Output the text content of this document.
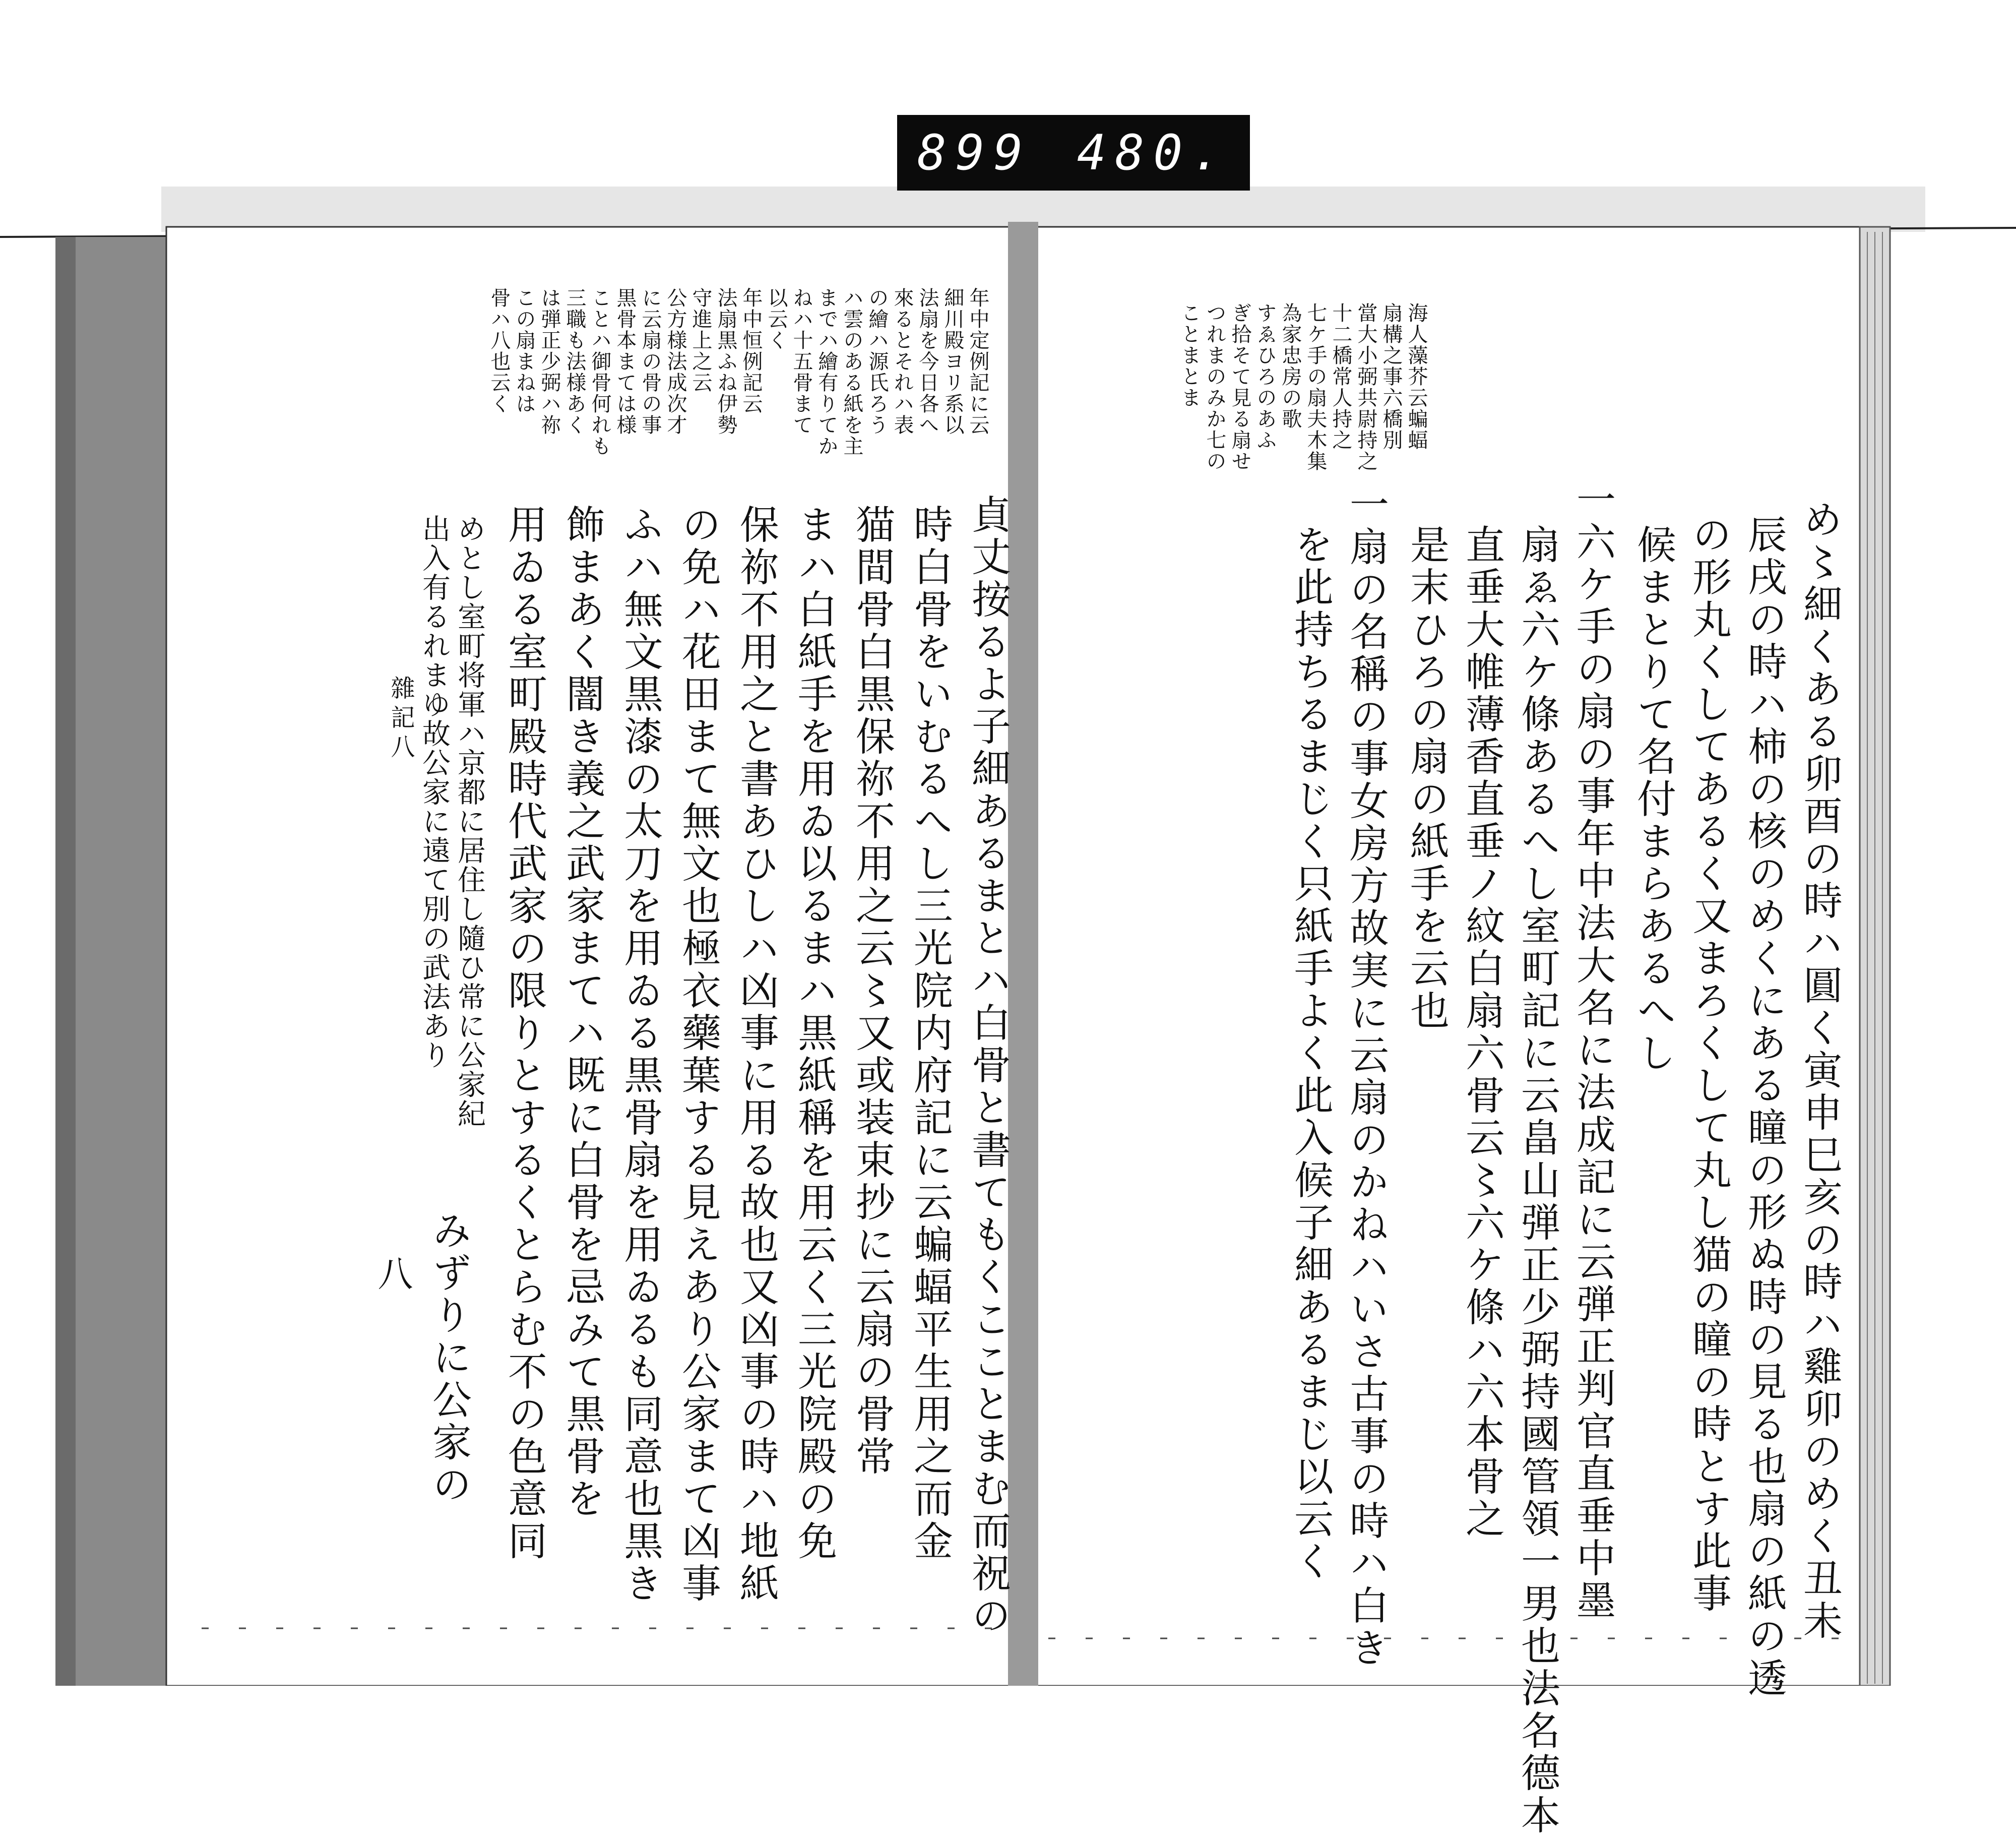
899 480.
海人藻芥云蝙蝠
扇構之事六橋別
當大小弼共尉持之
十二橋常人持之
七ケ手の扇夫木集
為家忠房の歌
すゑひろのあふ
ぎ拾そて見る扇せ
つれまのみか七の
ことまとま
め〻細くある卯酉の時ハ圓く寅申巳亥の時ハ雞卯のめく丑未
辰戌の時ハ柿の核のめくにある瞳の形ぬ時の見る也扇の紙の透
の形丸くしてあるく又まろくして丸し猫の瞳の時とす此事
候まとりて名付まらあるへし
一六ケ手の扇の事年中法大名に法成記に云弾正判官直垂中墨
扇ゑ六ケ條あるへし室町記に云畠山弾正少弼持國管領一男也法名德本
直垂大帷薄香直垂ノ紋白扇六骨云〻六ケ條ハ六本骨之
是末ひろの扇の紙手を云也
一扇の名稱の事女房方故実に云扇のかねハいさ古事の時ハ白き
を此持ちるまじく只紙手よく此入候子細あるまじ以云く
年中定例記に云
細川殿ヨリ系以
法扇を今日各へ
來るとそれハ表
の繪ハ源氏ろう
ハ雲のある紙を主
までハ繪有りてか
ねハ十五骨まて
以云く
年中恒例記云
法扇黒ふね伊勢
守進上之云
公方様法成次才
に云扇の骨の事
黒骨本まては様
ことハ御骨何れも
三職も法様あく
は弾正少弼ハ祢
この扇まねは
骨ハ八也云く
貞丈按るよ子細あるまとハ白骨と書てもくこことまむ而祝の
時白骨をいむるへし三光院内府記に云蝙蝠平生用之而金
猫間骨白黒保祢不用之云〻又或装束抄に云扇の骨常
まハ白紙手を用ゐ以るまハ黒紙稱を用云く三光院殿の免
保祢不用之と書あひしハ凶事に用る故也又凶事の時ハ地紙
の免ハ花田まて無文也極衣藥葉する見えあり公家まて凶事
ふハ無文黒漆の太刀を用ゐる黒骨扇を用ゐるも同意也黒き
飾まあく闇き義之武家まてハ既に白骨を忌みて黒骨を
用ゐる室町殿時代武家の限りとするくとらむ不の色意同
めとし室町将軍ハ京都に居住し隨ひ常に公家紀
出入有るれまゆ故公家に遠て別の武法あり
みずりに公家の
雜記八
八
